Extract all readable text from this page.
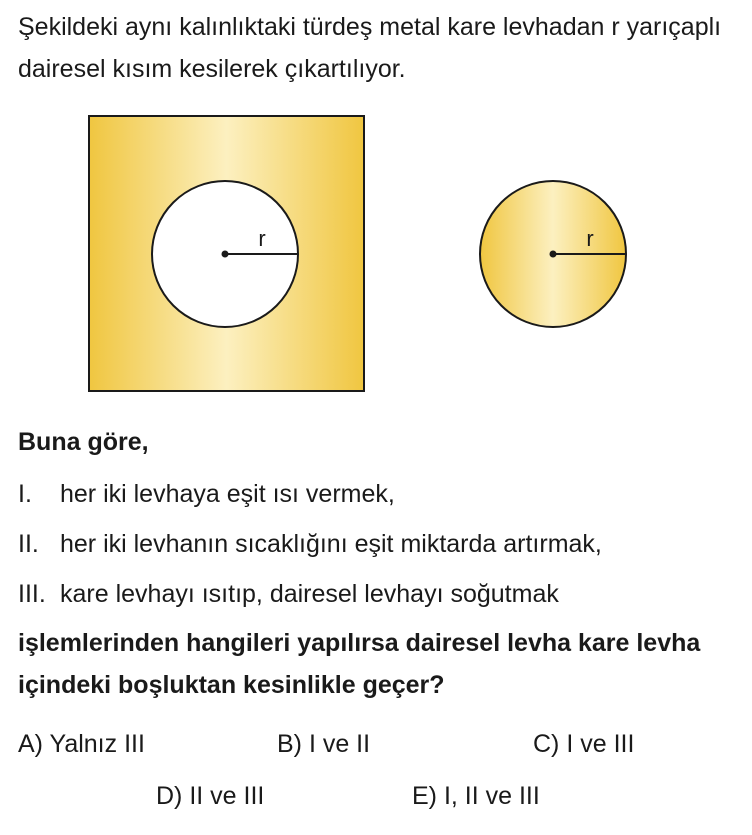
Şekildeki aynı kalınlıktaki türdeş metal kare levhadan r yarıçaplı dairesel kısım kesilerek çıkartılıyor.

r	r

Buna göre,

I. her iki levhaya eşit ısı vermek,
II. her iki levhanın sıcaklığını eşit miktarda artırmak,
III. kare levhayı ısıtıp, dairesel levhayı soğutmak

işlemlerinden hangileri yapılırsa dairesel levha kare levha içindeki boşluktan kesinlikle geçer?

A) Yalnız III	B) I ve II	C) I ve III
D) II ve III	E) I, II ve III
